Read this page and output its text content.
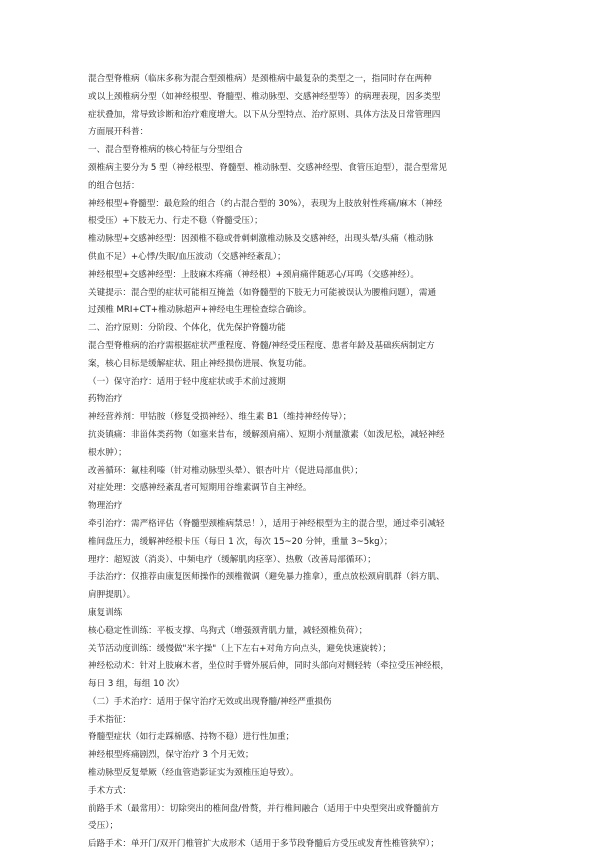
混合型脊椎病（临床多称为混合型颈椎病）是颈椎病中最复杂的类型之一，指同时存在两种
或以上颈椎病分型（如神经根型、脊髓型、椎动脉型、交感神经型等）的病理表现，因多类型
症状叠加，常导致诊断和治疗难度增大。以下从分型特点、治疗原则、具体方法及日常管理四
方面展开科普：
一、混合型脊椎病的核心特征与分型组合
颈椎病主要分为 5 型（神经根型、脊髓型、椎动脉型、交感神经型、食管压迫型），混合型常见
的组合包括：
神经根型+脊髓型：最危险的组合（约占混合型的 30%），表现为上肢放射性疼痛/麻木（神经
根受压）+下肢无力、行走不稳（脊髓受压）；
椎动脉型+交感神经型：因颈椎不稳或骨刺刺激椎动脉及交感神经，出现头晕/头痛（椎动脉
供血不足）+心悸/失眠/血压波动（交感神经紊乱）；
神经根型+交感神经型：上肢麻木疼痛（神经根）+颈肩痛伴随恶心/耳鸣（交感神经）。
关键提示：混合型的症状可能相互掩盖（如脊髓型的下肢无力可能被误认为腰椎问题），需通
过颈椎 MRI+CT+椎动脉超声+神经电生理检查综合确诊。
二、治疗原则：分阶段、个体化，优先保护脊髓功能
混合型脊椎病的治疗需根据症状严重程度、脊髓/神经受压程度、患者年龄及基础疾病制定方
案，核心目标是缓解症状、阻止神经损伤进展、恢复功能。
（一）保守治疗：适用于轻中度症状或手术前过渡期
药物治疗
神经营养剂：甲钴胺（修复受损神经）、维生素 B1（维持神经传导）；
抗炎镇痛：非甾体类药物（如塞来昔布，缓解颈肩痛）、短期小剂量激素（如泼尼松，减轻神经
根水肿）；
改善循环：氟桂利嗪（针对椎动脉型头晕）、银杏叶片（促进局部血供）；
对症处理：交感神经紊乱者可短期用谷维素调节自主神经。
物理治疗
牵引治疗：需严格评估（脊髓型颈椎病禁忌！），适用于神经根型为主的混合型，通过牵引减轻
椎间盘压力，缓解神经根卡压（每日 1 次，每次 15~20 分钟，重量 3~5kg）；
理疗：超短波（消炎）、中频电疗（缓解肌肉痉挛）、热敷（改善局部循环）；
手法治疗：仅推荐由康复医师操作的颈椎微调（避免暴力推拿），重点放松颈肩肌群（斜方肌、
肩胛提肌）。
康复训练
核心稳定性训练：平板支撑、鸟狗式（增强颈背肌力量，减轻颈椎负荷）；
关节活动度训练：缓慢做"米字操"（上下左右+对角方向点头，避免快速旋转）；
神经松动术：针对上肢麻木者，坐位时手臂外展后伸，同时头部向对侧轻转（牵拉受压神经根，
每日 3 组，每组 10 次）
（二）手术治疗：适用于保守治疗无效或出现脊髓/神经严重损伤
手术指征：
脊髓型症状（如行走踩棉感、持物不稳）进行性加重；
神经根型疼痛剧烈，保守治疗 3 个月无效；
椎动脉型反复晕厥（经血管造影证实为颈椎压迫导致）。
手术方式：
前路手术（最常用）：切除突出的椎间盘/骨赘，并行椎间融合（适用于中央型突出或脊髓前方
受压）；
后路手术：单开门/双开门椎管扩大成形术（适用于多节段脊髓后方受压或发育性椎管狭窄）；
